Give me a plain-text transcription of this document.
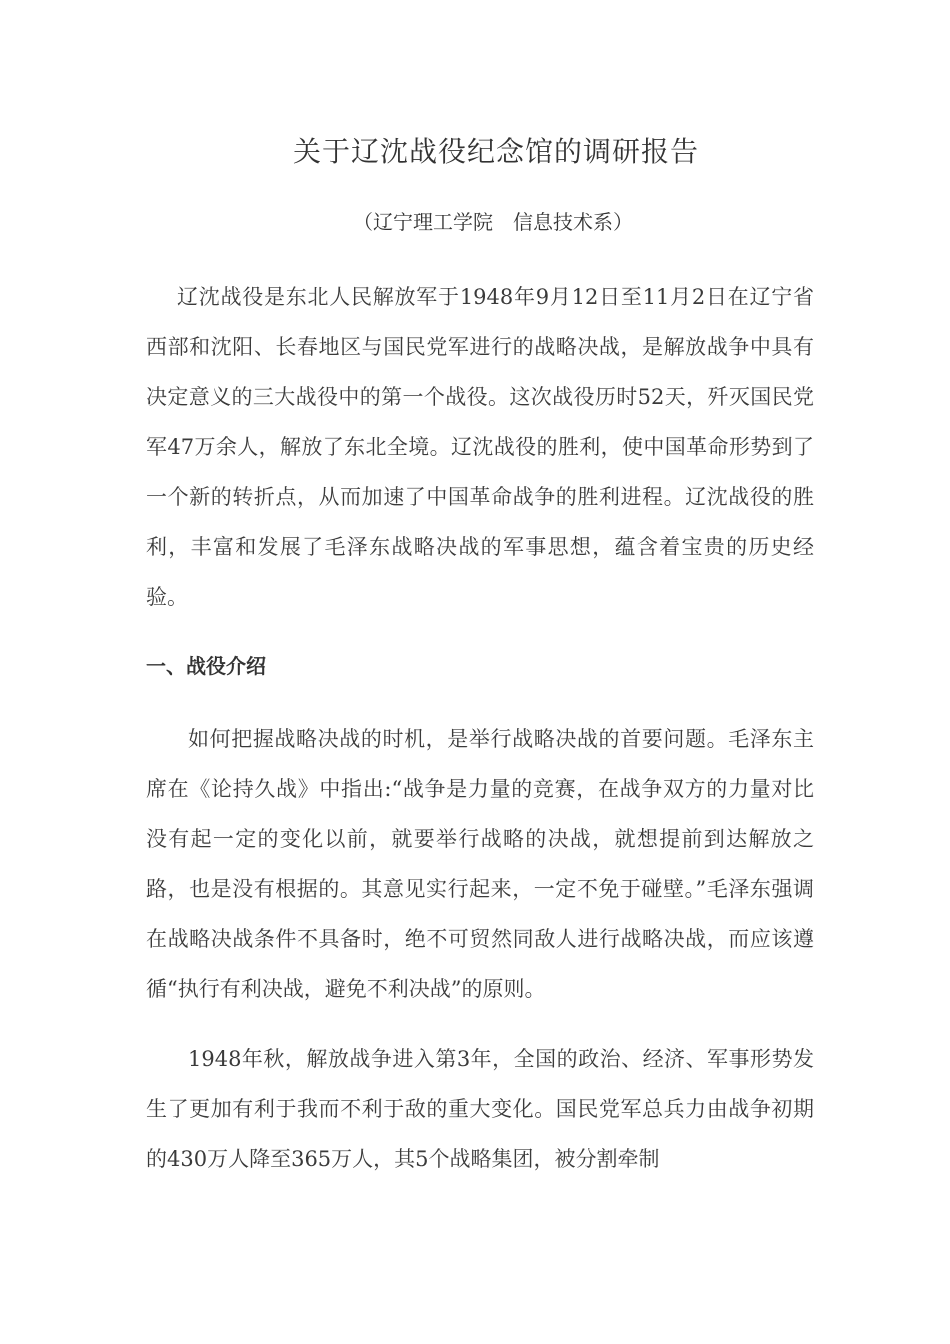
关于辽沈战役纪念馆的调研报告
（辽宁理工学院　信息技术系）

辽沈战役是东北人民解放军于1948年9月12日至11月2日在辽宁省西部和沈阳、长春地区与国民党军进行的战略决战，是解放战争中具有决定意义的三大战役中的第一个战役。这次战役历时52天，歼灭国民党军47万余人，解放了东北全境。辽沈战役的胜利，使中国革命形势到了一个新的转折点，从而加速了中国革命战争的胜利进程。辽沈战役的胜利，丰富和发展了毛泽东战略决战的军事思想，蕴含着宝贵的历史经验。

一、战役介绍

如何把握战略决战的时机，是举行战略决战的首要问题。毛泽东主席在《论持久战》中指出:“战争是力量的竞赛，在战争双方的力量对比没有起一定的变化以前，就要举行战略的决战，就想提前到达解放之路，也是没有根据的。其意见实行起来，一定不免于碰壁。”毛泽东强调在战略决战条件不具备时，绝不可贸然同敌人进行战略决战，而应该遵循“执行有利决战，避免不利决战”的原则。

1948年秋，解放战争进入第3年，全国的政治、经济、军事形势发生了更加有利于我而不利于敌的重大变化。国民党军总兵力由战争初期的430万人降至365万人，其5个战略集团，被分割牵制
